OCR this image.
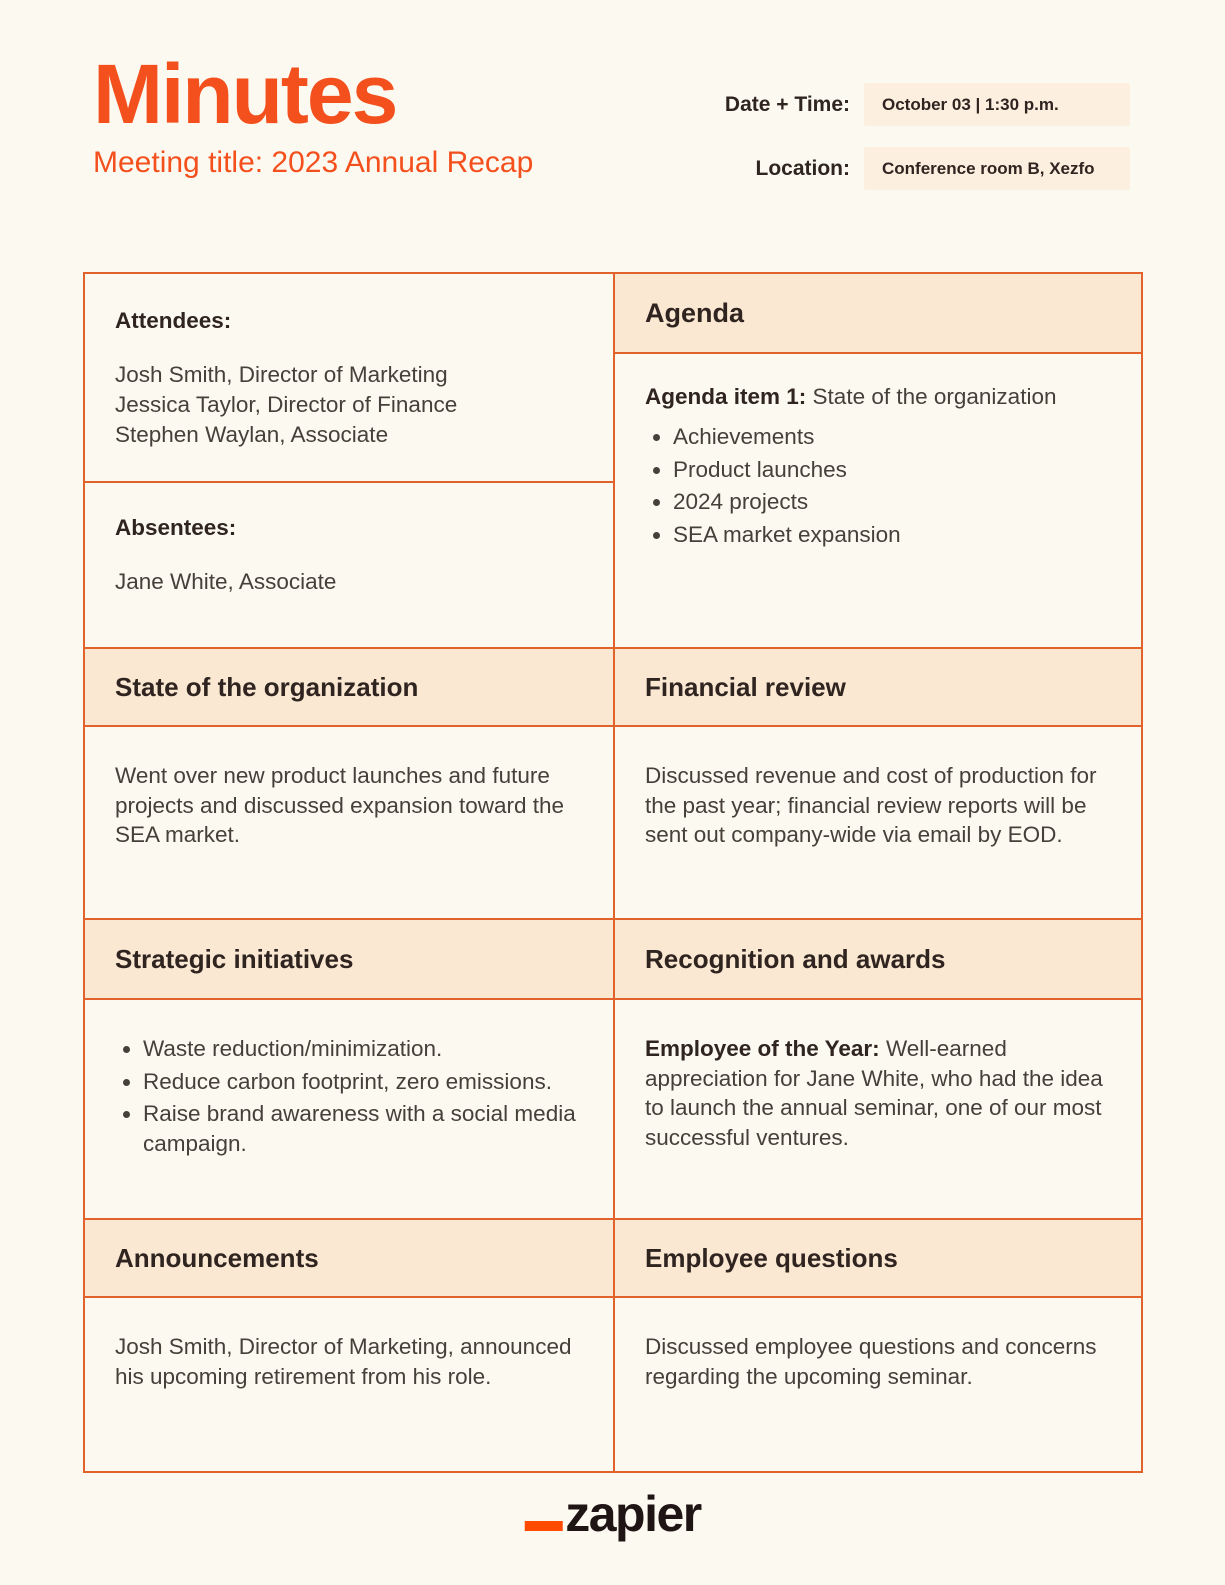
Minutes
Meeting title: 2023 Annual Recap
Date + Time:	October 03 | 1:30 p.m.
Location:	Conference room B, Xezfo
Attendees:
Josh Smith, Director of Marketing
Jessica Taylor, Director of Finance
Stephen Waylan, Associate
Absentees:
Jane White, Associate
Agenda
Agenda item 1: State of the organization
• Achievements
• Product launches
• 2024 projects
• SEA market expansion
State of the organization	Financial review

Went over new product launches and future projects and discussed expansion toward the SEA market.

Discussed revenue and cost of production for the past year; financial review reports will be sent out company-wide via email by EOD.

Strategic initiatives	Recognition and awards
• Waste reduction/minimization.
• Reduce carbon footprint, zero emissions.
• Raise brand awareness with a social media campaign.

Employee of the Year: Well-earned appreciation for Jane White, who had the idea to launch the annual seminar, one of our most successful ventures.

Announcements	Employee questions

Josh Smith, Director of Marketing, announced his upcoming retirement from his role.

Discussed employee questions and concerns regarding the upcoming seminar.

zapier
